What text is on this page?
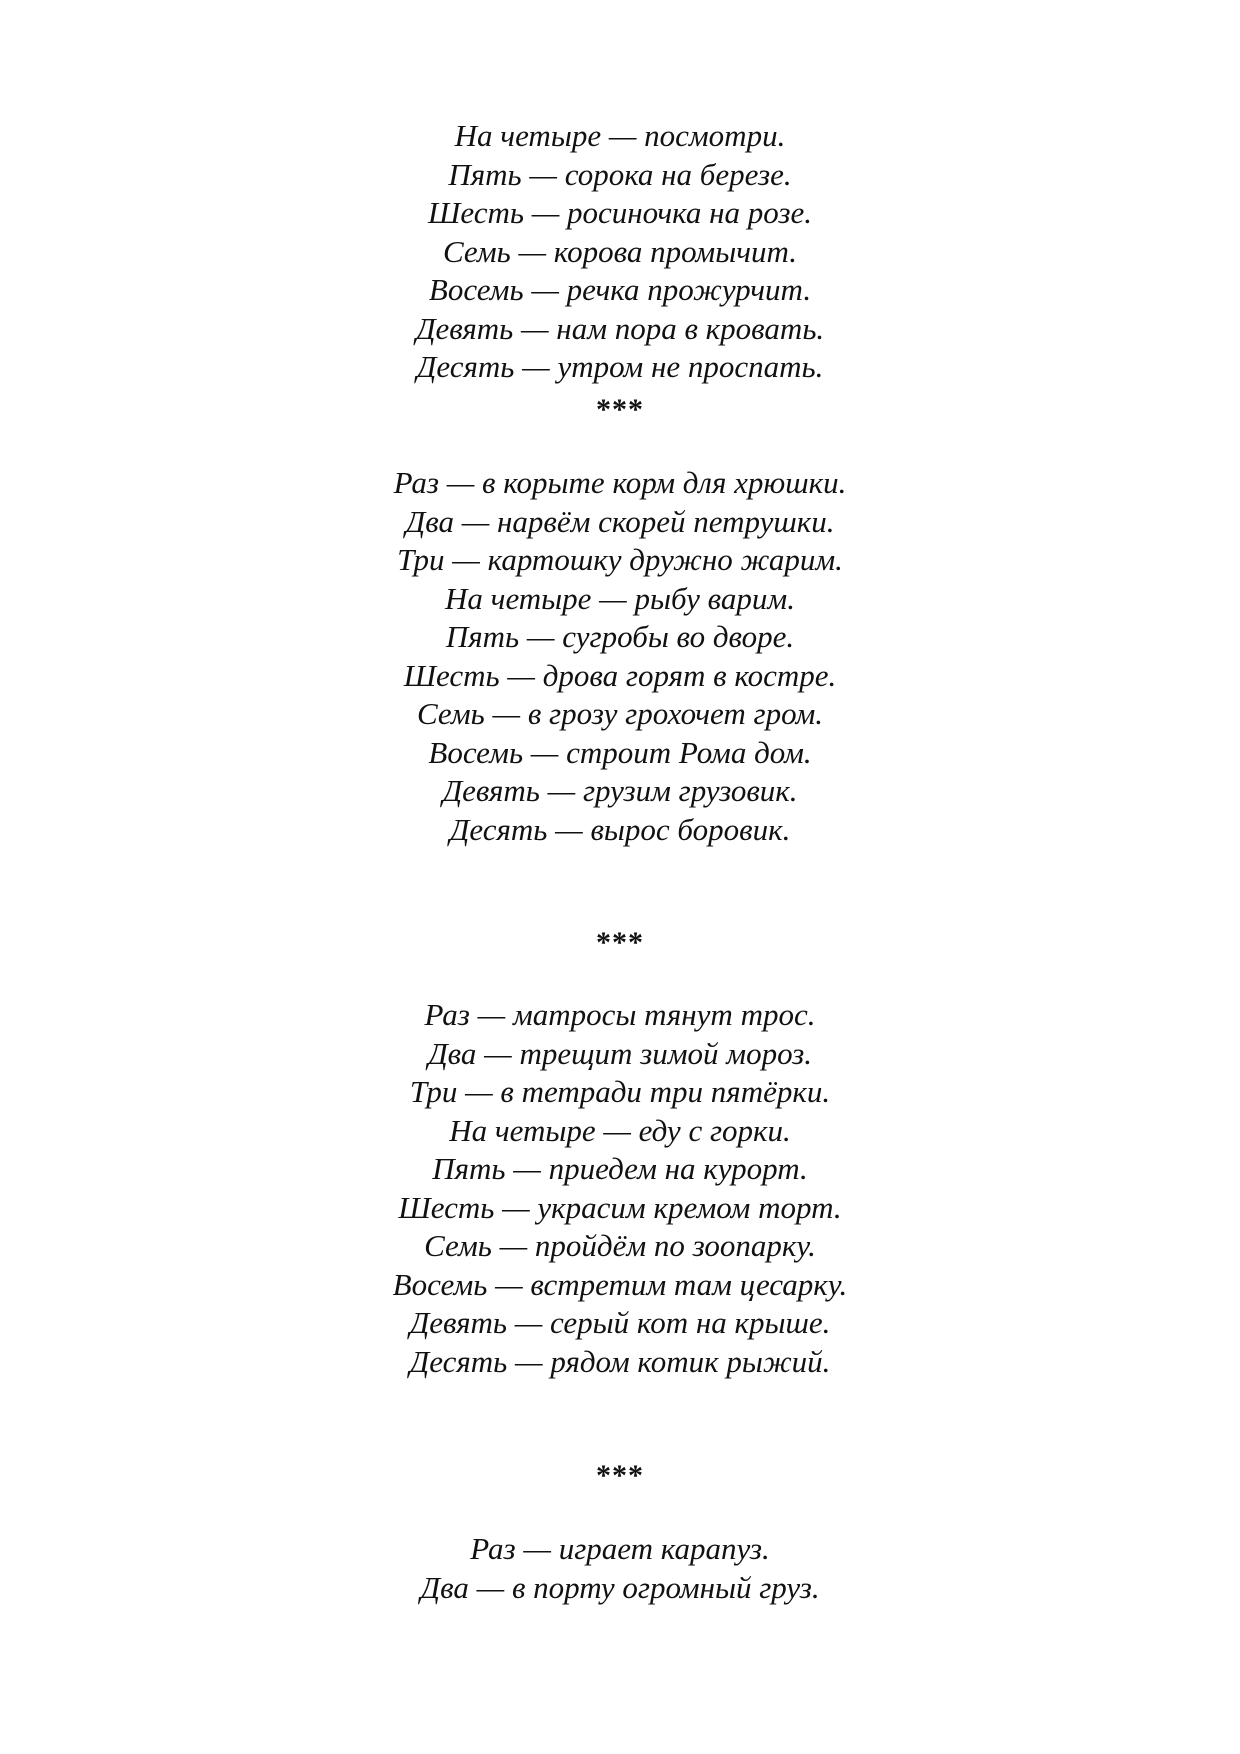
На четыре — посмотри.
Пять — сорока на березе.
Шесть — росиночка на розе.
Семь — корова промычит.
Восемь — речка прожурчит.
Девять — нам пора в кровать.
Десять — утром не проспать.
***
Раз — в корыте корм для хрюшки.
Два — нарвём скорей петрушки.
Три — картошку дружно жарим.
На четыре — рыбу варим.
Пять — сугробы во дворе.
Шесть — дрова горят в костре.
Семь — в грозу грохочет гром.
Восемь — строит Рома дом.
Девять — грузим грузовик.
Десять — вырос боровик.
***
Раз — матросы тянут трос.
Два — трещит зимой мороз.
Три — в тетради три пятёрки.
На четыре — еду с горки.
Пять — приедем на курорт.
Шесть — украсим кремом торт.
Семь — пройдём по зоопарку.
Восемь — встретим там цесарку.
Девять — серый кот на крыше.
Десять — рядом котик рыжий.
***
Раз — играет карапуз.
Два — в порту огромный груз.
